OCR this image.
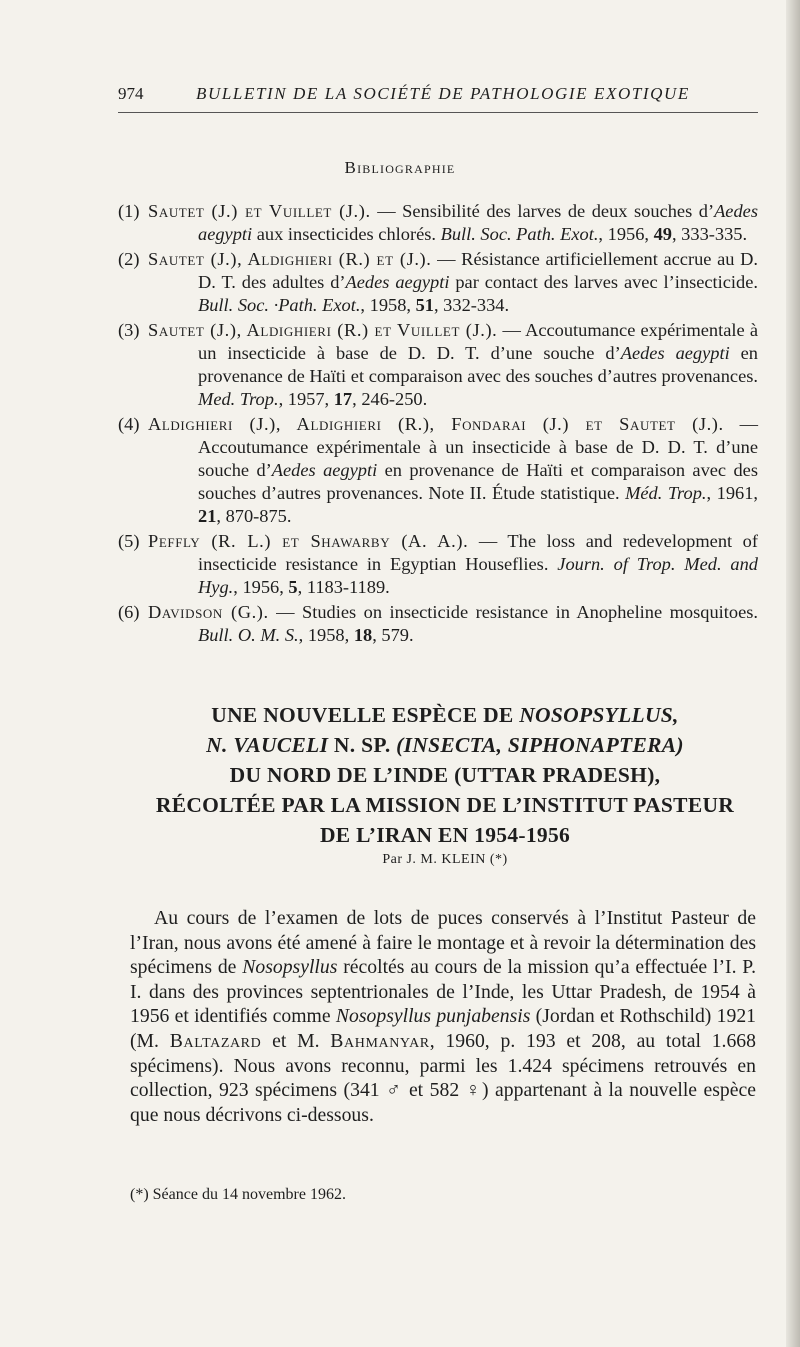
974	BULLETIN DE LA SOCIÉTÉ DE PATHOLOGIE EXOTIQUE
Bibliographie

(1) Sautet (J.) et Vuillet (J.). — Sensibilité des larves de deux souches d’Aedes aegypti aux insecticides chlorés. Bull. Soc. Path. Exot., 1956, 49, 333-335.

(2) Sautet (J.), Aldighieri (R.) et (J.). — Résistance artificiellement accrue au D. D. T. des adultes d’Aedes aegypti par contact des larves avec l’insecticide. Bull. Soc. ·Path. Exot., 1958, 51, 332-334.

(3) Sautet (J.), Aldighieri (R.) et Vuillet (J.). — Accoutumance expérimentale à un insecticide à base de D. D. T. d’une souche d’Aedes aegypti en provenance de Haïti et comparaison avec des souches d’autres provenances. Med. Trop., 1957, 17, 246-250.

(4) Aldighieri (J.), Aldighieri (R.), Fondarai (J.) et Sautet (J.). — Accoutumance expérimentale à un insecticide à base de D. D. T. d’une souche d’Aedes aegypti en provenance de Haïti et comparaison avec des souches d’autres provenances. Note II. Étude statistique. Méd. Trop., 1961, 21, 870-875.

(5) Peffly (R. L.) et Shawarby (A. A.). — The loss and redevelopment of insecticide resistance in Egyptian Houseflies. Journ. of Trop. Med. and Hyg., 1956, 5, 1183-1189.

(6) Davidson (G.). — Studies on insecticide resistance in Anopheline mosquitoes. Bull. O. M. S., 1958, 18, 579.

UNE NOUVELLE ESPÈCE DE NOSOPSYLLUS,
N. VAUCELI N. SP. (INSECTA, SIPHONAPTERA)
DU NORD DE L’INDE (UTTAR PRADESH),
RÉCOLTÉE PAR LA MISSION DE L’INSTITUT PASTEUR
DE L’IRAN EN 1954-1956
Par J. M. KLEIN (*)

Au cours de l’examen de lots de puces conservés à l’Institut Pasteur de l’Iran, nous avons été amené à faire le montage et à revoir la détermination des spécimens de Nosopsyllus récoltés au cours de la mission qu’a effectuée l’I. P. I. dans des provinces septentrionales de l’Inde, les Uttar Pradesh, de 1954 à 1956 et identifiés comme Nosopsyllus punjabensis (Jordan et Rothschild) 1921 (M. Baltazard et M. Bahmanyar, 1960, p. 193 et 208, au total 1.668 spécimens). Nous avons reconnu, parmi les 1.424 spécimens retrouvés en collection, 923 spécimens (341 ♂ et 582 ♀) appartenant à la nouvelle espèce que nous décrivons ci-dessous.

(*) Séance du 14 novembre 1962.
